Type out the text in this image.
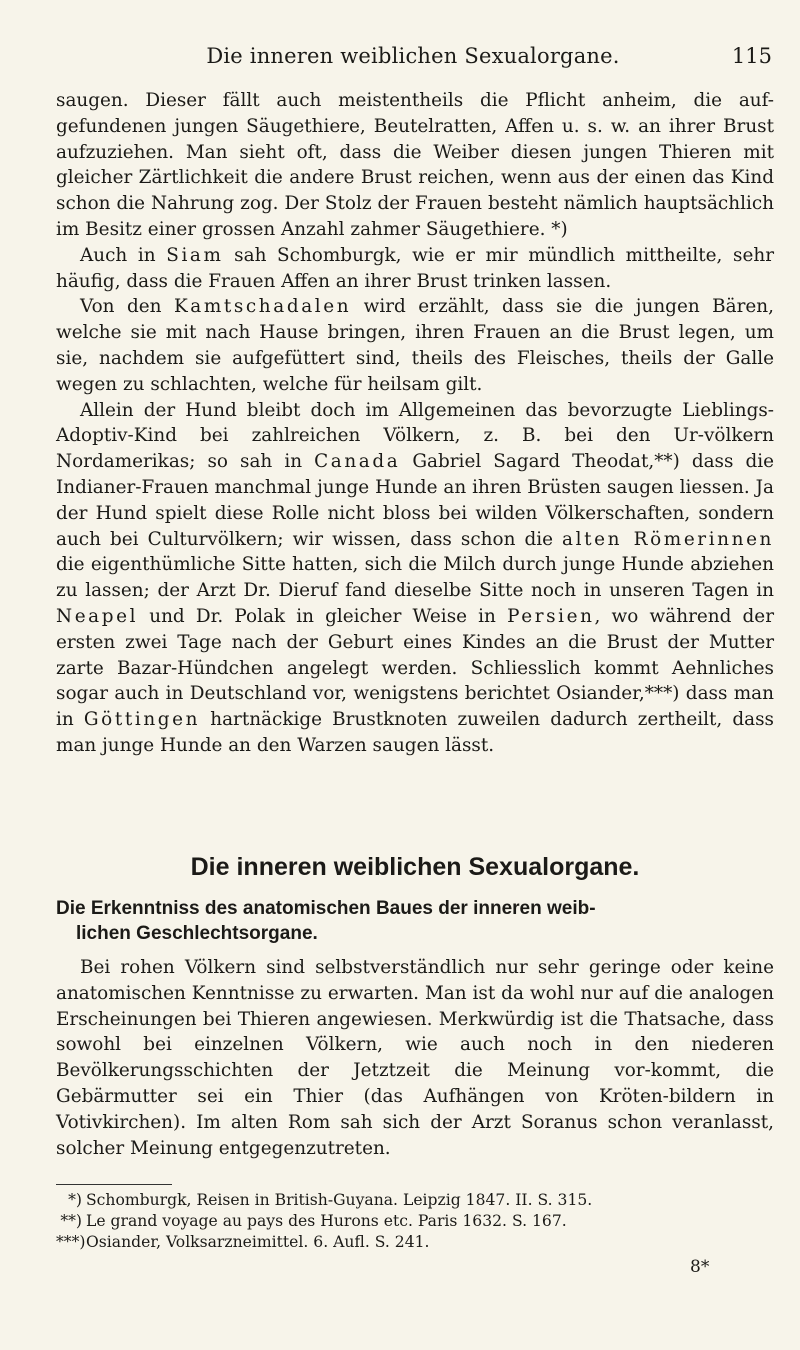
Die inneren weiblichen Sexualorgane.	115

saugen. Dieser fällt auch meistentheils die Pflicht anheim, die auf-gefundenen jungen Säugethiere, Beutelratten, Affen u. s. w. an ihrer Brust aufzuziehen. Man sieht oft, dass die Weiber diesen jungen Thieren mit gleicher Zärtlichkeit die andere Brust reichen, wenn aus der einen das Kind schon die Nahrung zog. Der Stolz der Frauen besteht nämlich hauptsächlich im Besitz einer grossen Anzahl zahmer Säugethiere. *)

Auch in Siam sah Schomburgk, wie er mir mündlich mittheilte, sehr häufig, dass die Frauen Affen an ihrer Brust trinken lassen.

Von den Kamtschadalen wird erzählt, dass sie die jungen Bären, welche sie mit nach Hause bringen, ihren Frauen an die Brust legen, um sie, nachdem sie aufgefüttert sind, theils des Fleisches, theils der Galle wegen zu schlachten, welche für heilsam gilt.

Allein der Hund bleibt doch im Allgemeinen das bevorzugte Lieblings-Adoptiv-Kind bei zahlreichen Völkern, z. B. bei den Ur-völkern Nordamerikas; so sah in Canada Gabriel Sagard Theodat,**) dass die Indianer-Frauen manchmal junge Hunde an ihren Brüsten saugen liessen. Ja der Hund spielt diese Rolle nicht bloss bei wilden Völkerschaften, sondern auch bei Culturvölkern; wir wissen, dass schon die alten Römerinnen die eigenthümliche Sitte hatten, sich die Milch durch junge Hunde abziehen zu lassen; der Arzt Dr. Dieruf fand dieselbe Sitte noch in unseren Tagen in Neapel und Dr. Polak in gleicher Weise in Persien, wo während der ersten zwei Tage nach der Geburt eines Kindes an die Brust der Mutter zarte Bazar-Hündchen angelegt werden. Schliesslich kommt Aehnliches sogar auch in Deutschland vor, wenigstens berichtet Osiander,***) dass man in Göttingen hartnäckige Brustknoten zuweilen dadurch zertheilt, dass man junge Hunde an den Warzen saugen lässt.

Die inneren weiblichen Sexualorgane.
Die Erkenntniss des anatomischen Baues der inneren weib-
lichen Geschlechtsorgane.

Bei rohen Völkern sind selbstverständlich nur sehr geringe oder keine anatomischen Kenntnisse zu erwarten. Man ist da wohl nur auf die analogen Erscheinungen bei Thieren angewiesen. Merkwürdig ist die Thatsache, dass sowohl bei einzelnen Völkern, wie auch noch in den niederen Bevölkerungsschichten der Jetztzeit die Meinung vor-kommt, die Gebärmutter sei ein Thier (das Aufhängen von Kröten-bildern in Votivkirchen). Im alten Rom sah sich der Arzt Soranus schon veranlasst, solcher Meinung entgegenzutreten.

*) Schomburgk, Reisen in British-Guyana. Leipzig 1847. II. S. 315.
**) Le grand voyage au pays des Hurons etc. Paris 1632. S. 167.
***)Osiander, Volksarzneimittel. 6. Aufl. S. 241.
8*
